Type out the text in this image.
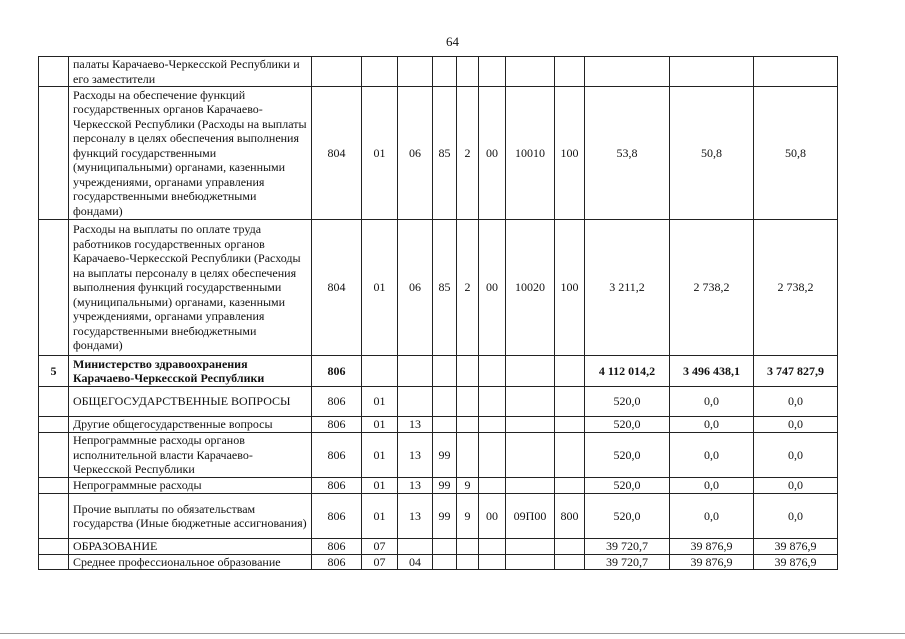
64
	палаты Карачаево-Черкесской Республики и его заместители											
	Расходы на обеспечение функций государственных органов Карачаево-Черкесской Республики (Расходы на выплаты персоналу в целях обеспечения выполнения функций государственными (муниципальными) органами, казенными учреждениями, органами управления государственными внебюджетными фондами)	804	01	06	85	2	00	10010	100	53,8	50,8	50,8
	Расходы на выплаты по оплате труда работников государственных органов Карачаево-Черкесской Республики (Расходы на выплаты персоналу в целях обеспечения выполнения функций государственными (муниципальными) органами, казенными учреждениями, органами управления государственными внебюджетными фондами)	804	01	06	85	2	00	10020	100	3 211,2	2 738,2	2 738,2
5	Министерство здравоохранения Карачаево-Черкесской Республики	806								4 112 014,2	3 496 438,1	3 747 827,9
	ОБЩЕГОСУДАРСТВЕННЫЕ ВОПРОСЫ	806	01							520,0	0,0	0,0
	Другие общегосударственные вопросы	806	01	13						520,0	0,0	0,0
	Непрограммные расходы органов исполнительной власти Карачаево-Черкесской Республики	806	01	13	99					520,0	0,0	0,0
	Непрограммные расходы	806	01	13	99	9				520,0	0,0	0,0
	Прочие выплаты по обязательствам государства (Иные бюджетные ассигнования)	806	01	13	99	9	00	09П00	800	520,0	0,0	0,0
	ОБРАЗОВАНИЕ	806	07							39 720,7	39 876,9	39 876,9
	Среднее профессиональное образование	806	07	04						39 720,7	39 876,9	39 876,9
